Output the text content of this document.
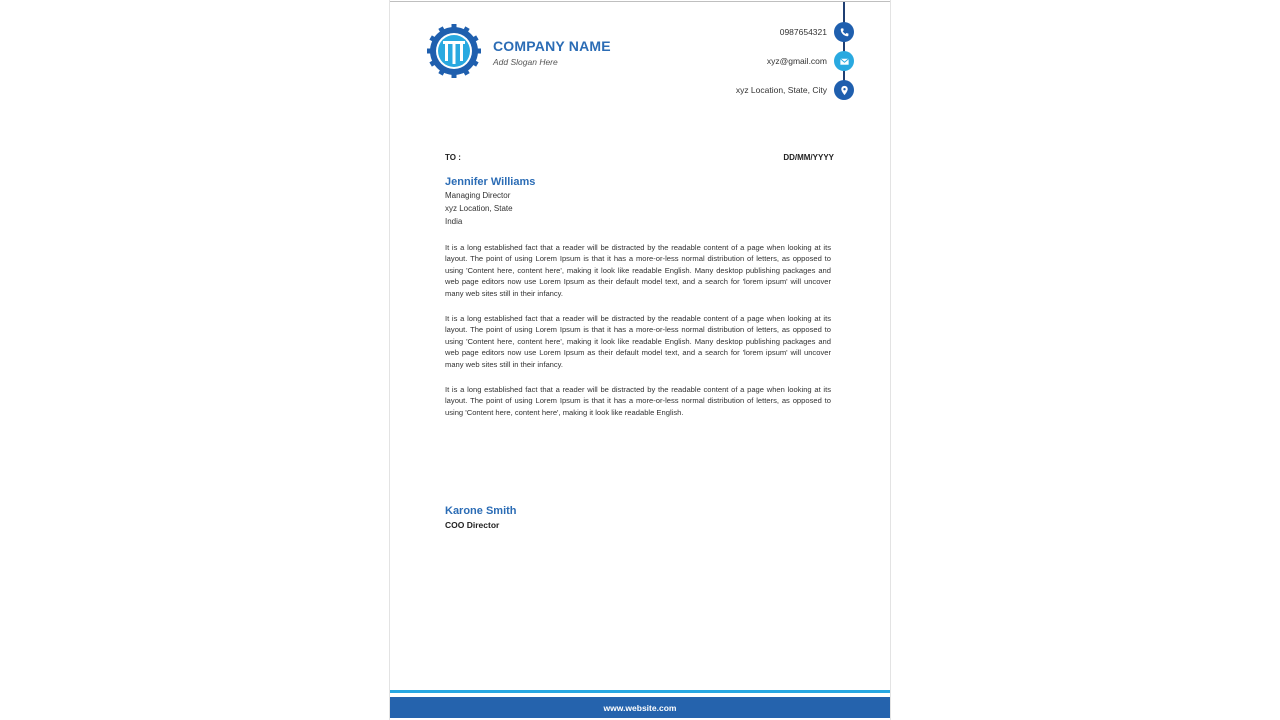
COMPANY NAME
Add Slogan Here
0987654321
xyz@gmail.com
xyz Location, State, City
TO :	DD/MM/YYYY
Jennifer Williams
Managing Director
xyz Location, State
India
It is a long established fact that a reader will be distracted by the readable content of a page when looking at its layout. The point of using Lorem Ipsum is that it has a more-or-less normal distribution of letters, as opposed to using 'Content here, content here', making it look like readable English. Many desktop publishing packages and web page editors now use Lorem Ipsum as their default model text, and a search for 'lorem ipsum' will uncover many web sites still in their infancy.
It is a long established fact that a reader will be distracted by the readable content of a page when looking at its layout. The point of using Lorem Ipsum is that it has a more-or-less normal distribution of letters, as opposed to using 'Content here, content here', making it look like readable English. Many desktop publishing packages and web page editors now use Lorem Ipsum as their default model text, and a search for 'lorem ipsum' will uncover many web sites still in their infancy.
It is a long established fact that a reader will be distracted by the readable content of a page when looking at its layout. The point of using Lorem Ipsum is that it has a more-or-less normal distribution of letters, as opposed to using 'Content here, content here', making it look like readable English.
Karone Smith
COO Director
www.website.com
